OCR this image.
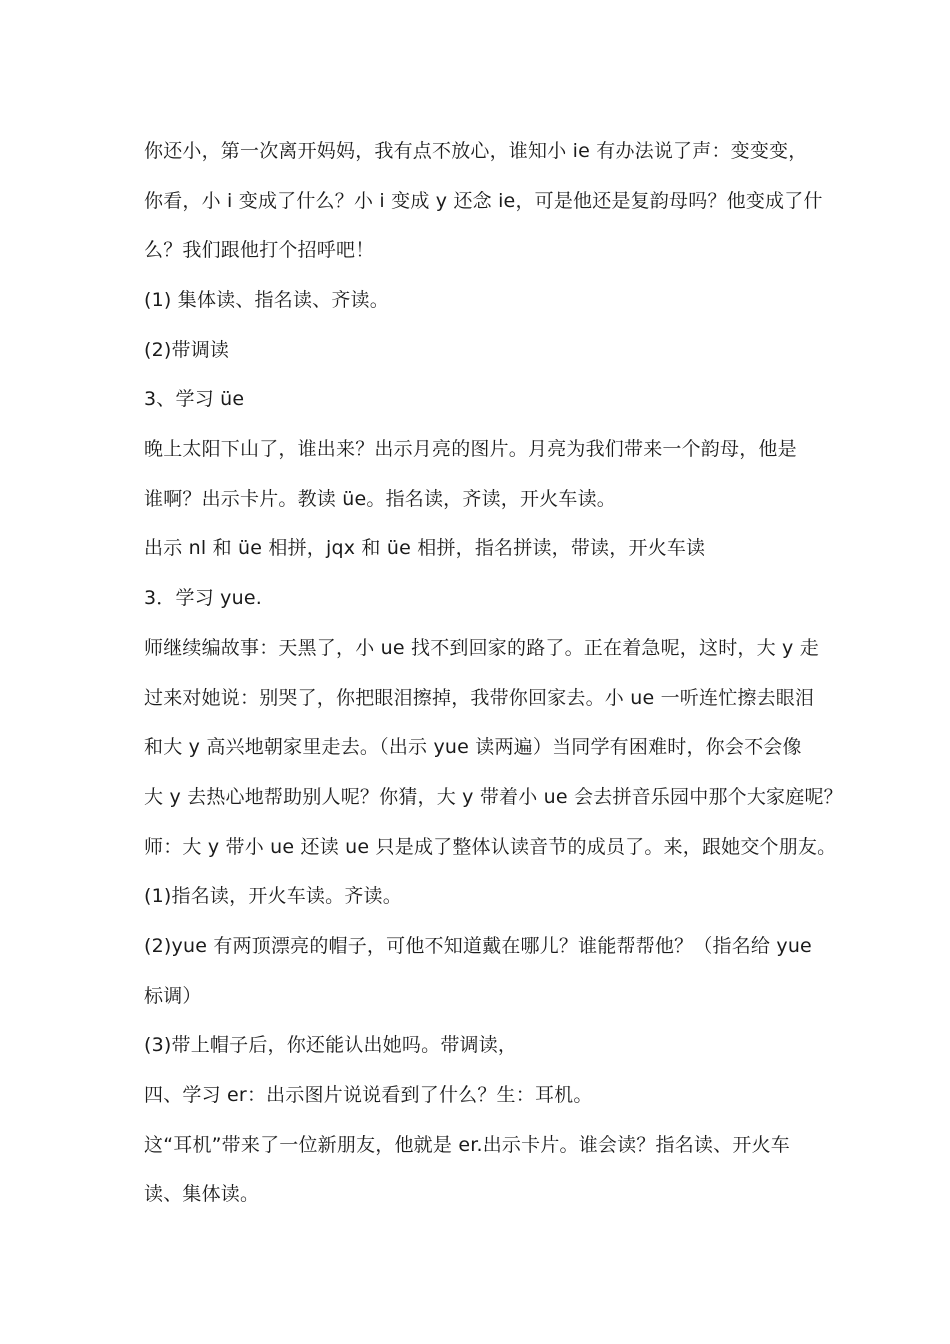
你还小，第一次离开妈妈，我有点不放心，谁知小 ie 有办法说了声：变变变，
你看，小 i 变成了什么？小 i 变成 y 还念 ie，可是他还是复韵母吗？他变成了什
么？我们跟他打个招呼吧！
(1) 集体读、指名读、齐读。
(2)带调读
3、学习 üe
晚上太阳下山了，谁出来？出示月亮的图片。月亮为我们带来一个韵母，他是
谁啊？出示卡片。教读 üe。指名读，齐读，开火车读。
出示 nl 和 üe 相拼，jqx 和 üe 相拼，指名拼读，带读，开火车读
3．学习 yue.
师继续编故事：天黑了，小 ue 找不到回家的路了。正在着急呢，这时，大 y 走
过来对她说：别哭了，你把眼泪擦掉，我带你回家去。小 ue 一听连忙擦去眼泪
和大 y 高兴地朝家里走去。（出示 yue 读两遍）当同学有困难时，你会不会像
大 y 去热心地帮助别人呢？你猜，大 y 带着小 ue 会去拼音乐园中那个大家庭呢？
师：大 y 带小 ue 还读 ue 只是成了整体认读音节的成员了。来，跟她交个朋友。
(1)指名读，开火车读。齐读。
(2)yue 有两顶漂亮的帽子，可他不知道戴在哪儿？谁能帮帮他？（指名给 yue
标调）
(3)带上帽子后，你还能认出她吗。带调读，
四、学习 er：出示图片说说看到了什么？生：耳机。
这“耳机”带来了一位新朋友，他就是 er.出示卡片。谁会读？指名读、开火车
读、集体读。
